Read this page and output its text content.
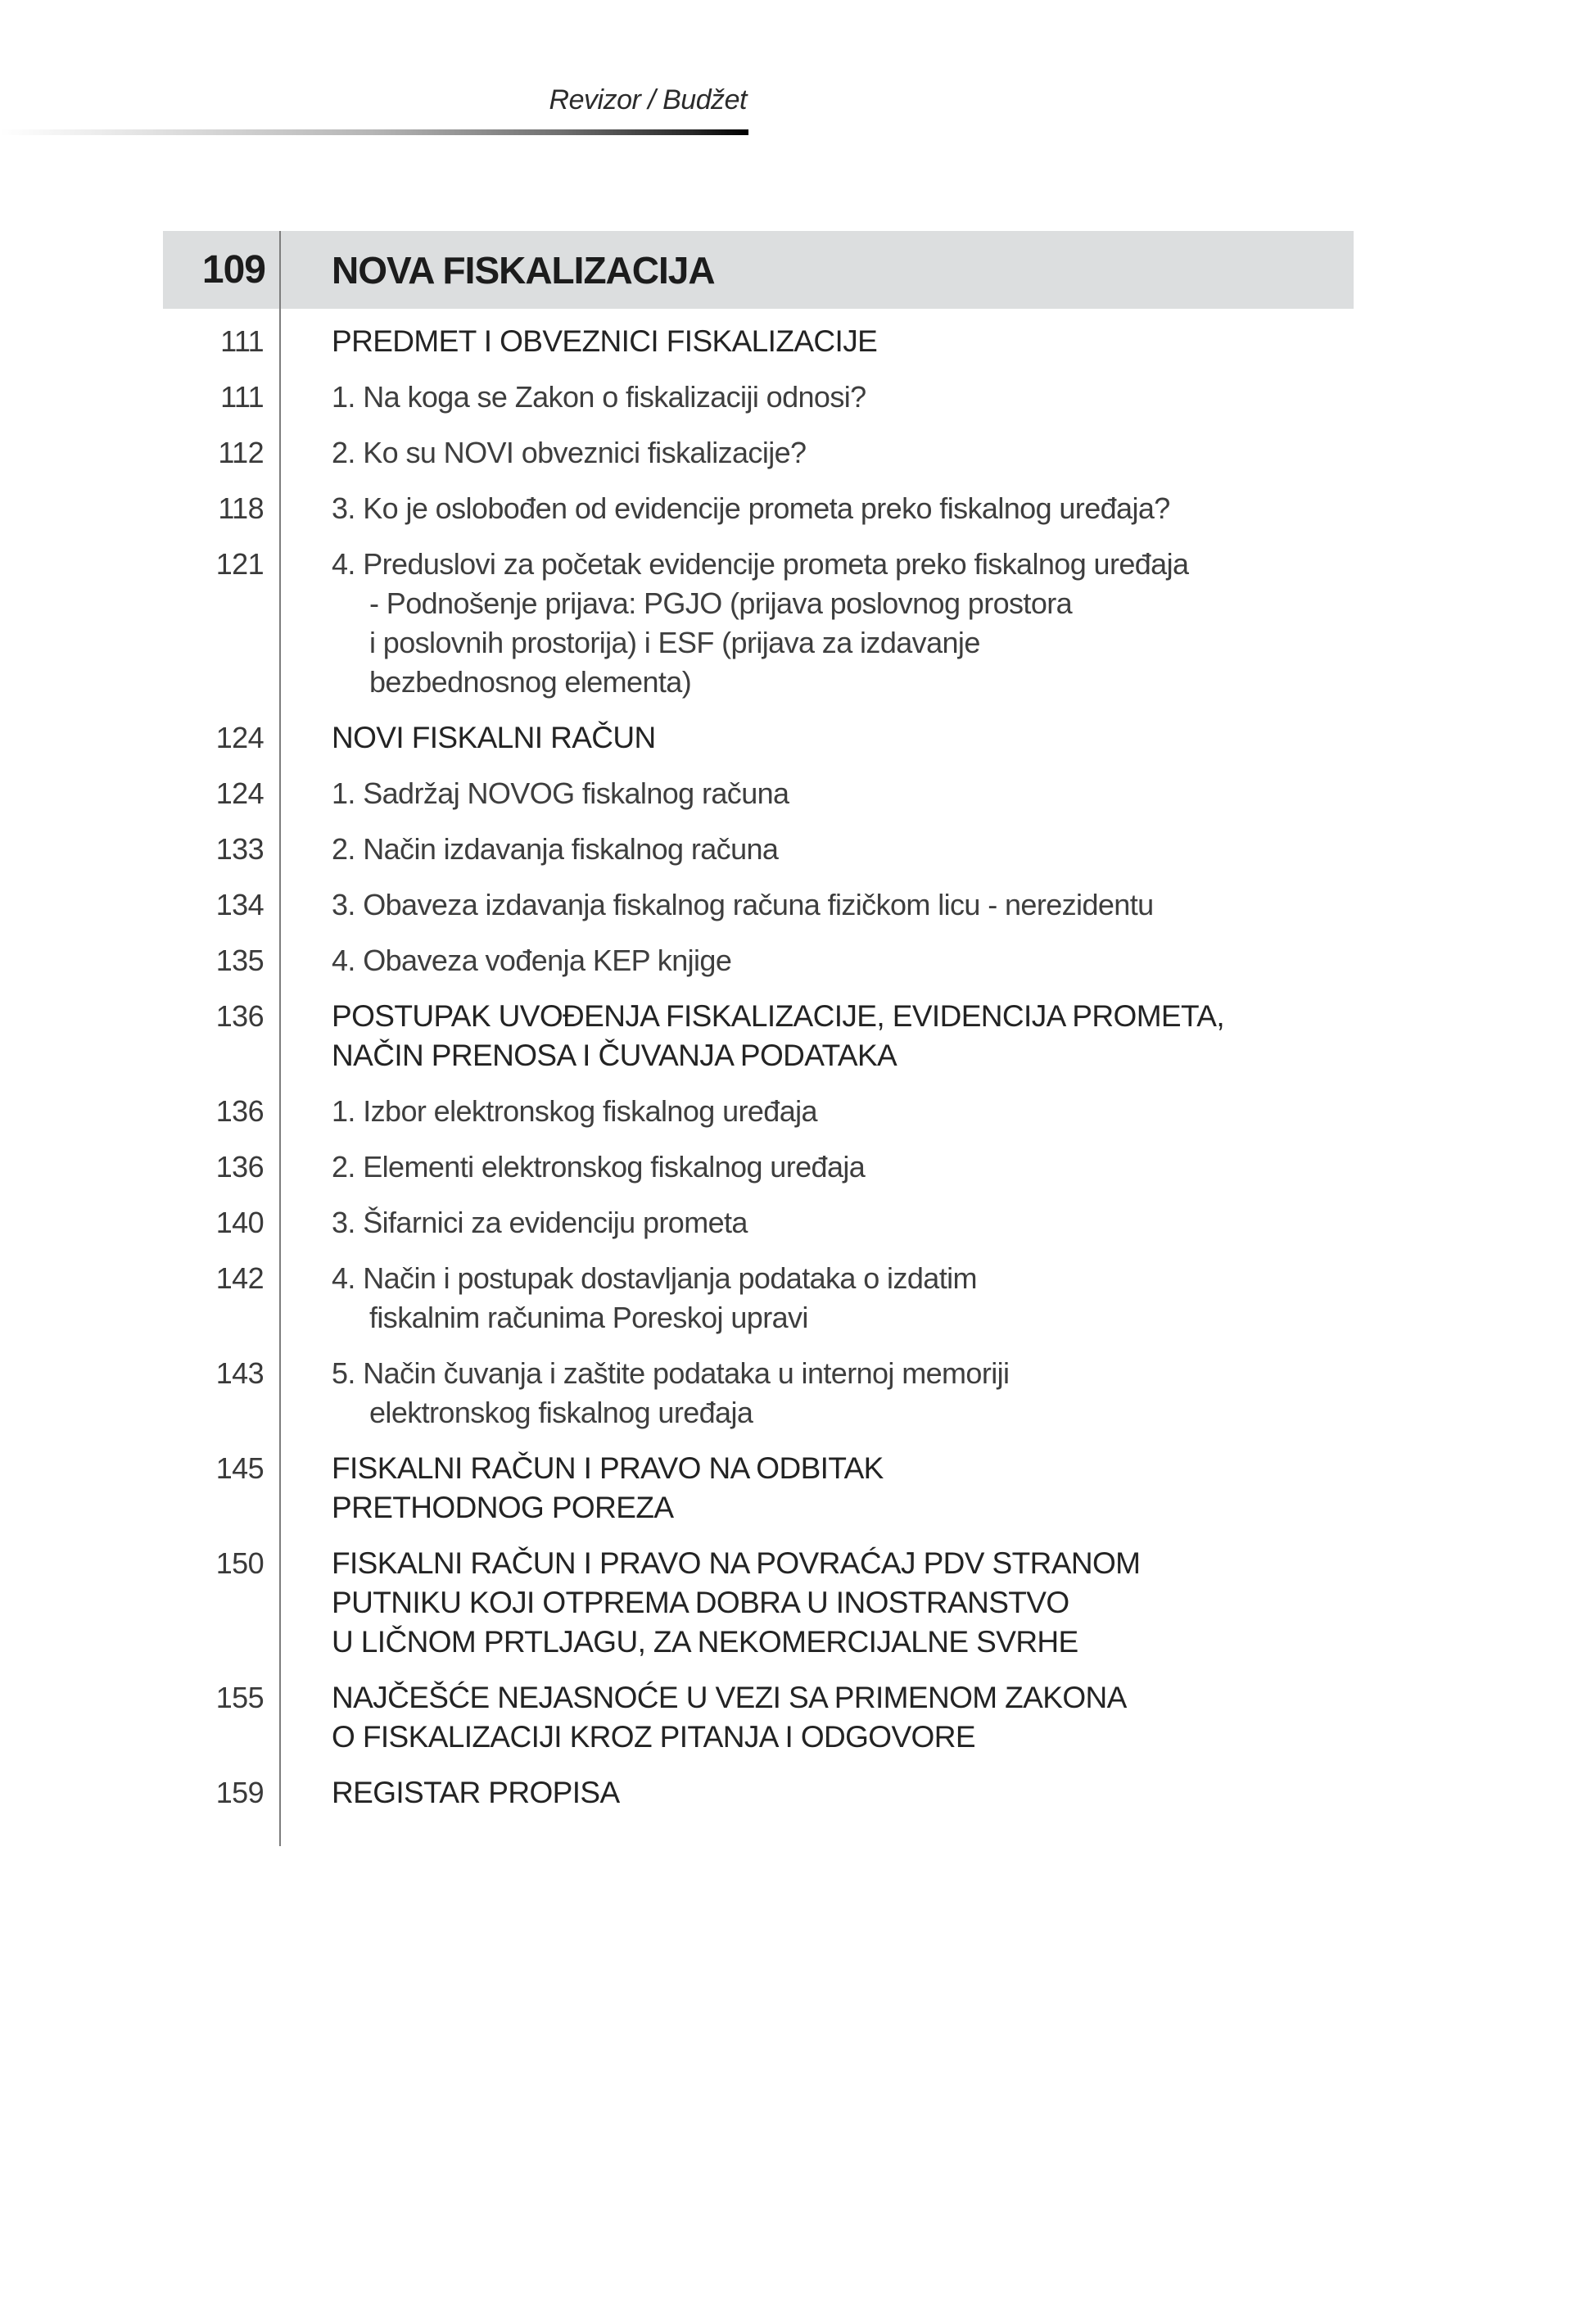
Revizor / Budžet
109	NOVA FISKALIZACIJA
111	PREDMET I OBVEZNICI FISKALIZACIJE
111	1. Na koga se Zakon o fiskalizaciji odnosi?
112	2. Ko su NOVI obveznici fiskalizacije?
118	3. Ko je oslobođen od evidencije prometa preko fiskalnog uređaja?
121	4. Preduslovi za početak evidencije prometa preko fiskalnog uređaja
- Podnošenje prijava: PGJO (prijava poslovnog prostora
i poslovnih prostorija) i ESF (prijava za izdavanje
bezbednosnog elementa)
124	NOVI FISKALNI RAČUN
124	1. Sadržaj NOVOG fiskalnog računa
133	2. Način izdavanja fiskalnog računa
134	3. Obaveza izdavanja fiskalnog računa fizičkom licu - nerezidentu
135	4. Obaveza vođenja KEP knjige
136	POSTUPAK UVOĐENJA FISKALIZACIJE, EVIDENCIJA PROMETA,
NAČIN PRENOSA I ČUVANJA PODATAKA
136	1. Izbor elektronskog fiskalnog uređaja
136	2. Elementi elektronskog fiskalnog uređaja
140	3. Šifarnici za evidenciju prometa
142	4. Način i postupak dostavljanja podataka o izdatim
fiskalnim računima Poreskoj upravi
143	5. Način čuvanja i zaštite podataka u internoj memoriji
elektronskog fiskalnog uređaja
145	FISKALNI RAČUN I PRAVO NA ODBITAK
PRETHODNOG POREZA
150	FISKALNI RAČUN I PRAVO NA POVRAĆAJ PDV STRANOM
PUTNIKU KOJI OTPREMA DOBRA U INOSTRANSTVO
U LIČNOM PRTLJAGU, ZA NEKOMERCIJALNE SVRHE
155	NAJČEŠĆE NEJASNOĆE U VEZI SA PRIMENOM ZAKONA
O FISKALIZACIJI KROZ PITANJA I ODGOVORE
159	REGISTAR PROPISA
